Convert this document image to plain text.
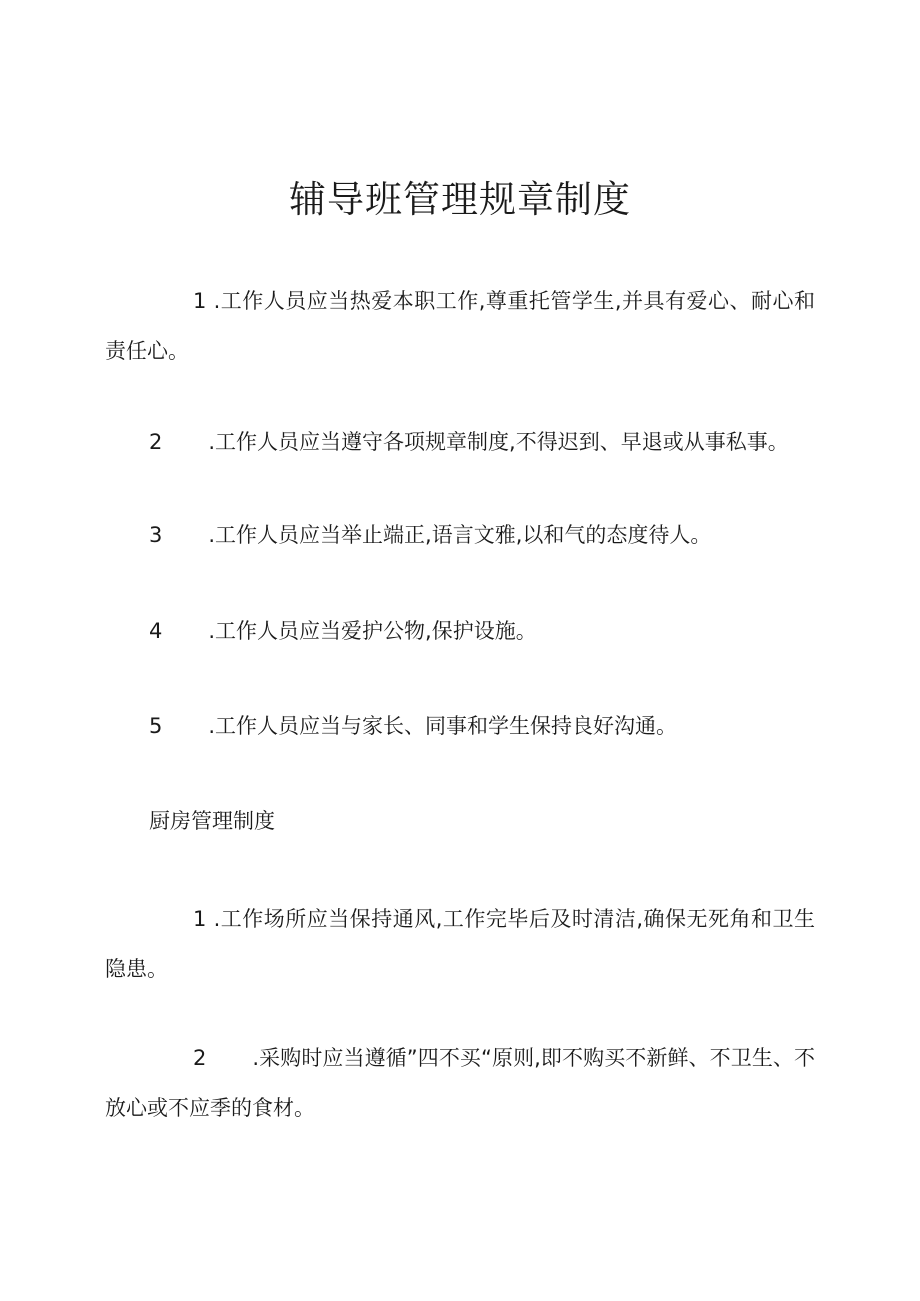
辅导班管理规章制度

1 .工作人员应当热爱本职工作,尊重托管学生,并具有爱心、耐心和责任心。

2 .工作人员应当遵守各项规章制度,不得迟到、早退或从事私事。

3 .工作人员应当举止端正,语言文雅,以和气的态度待人。

4 .工作人员应当爱护公物,保护设施。

5 .工作人员应当与家长、同事和学生保持良好沟通。

厨房管理制度

1 .工作场所应当保持通风,工作完毕后及时清洁,确保无死角和卫生隐患。

2 .采购时应当遵循”四不买“原则,即不购买不新鲜、不卫生、不放心或不应季的食材。
